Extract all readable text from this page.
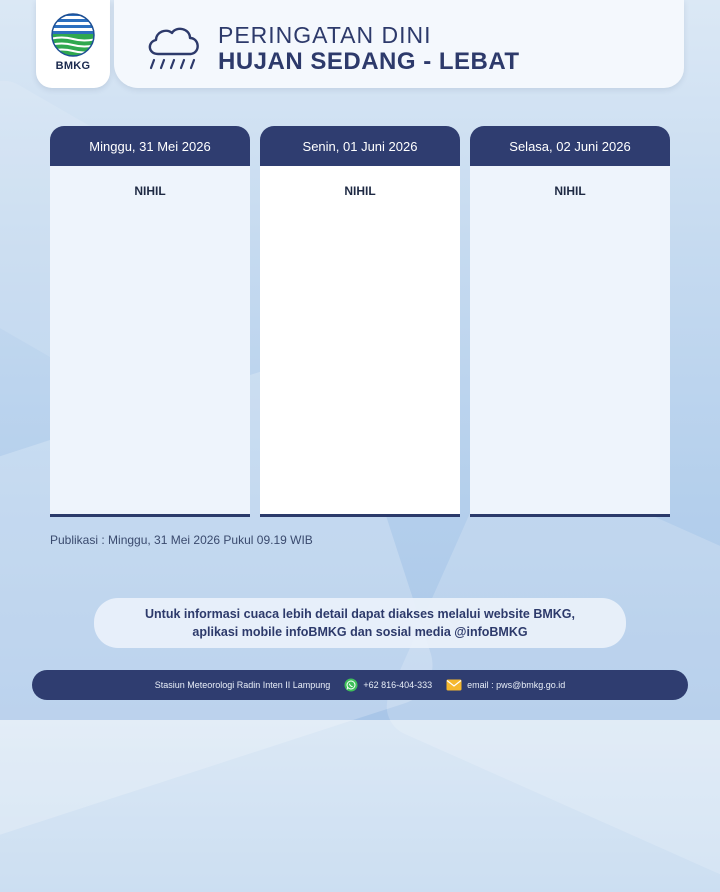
BMKG
PERINGATAN DINI
HUJAN SEDANG - LEBAT
Minggu, 31 Mei 2026
NIHIL
Senin, 01 Juni 2026
NIHIL
Selasa, 02 Juni 2026
NIHIL
Publikasi : Minggu, 31 Mei 2026 Pukul 09.19 WIB
Untuk informasi cuaca lebih detail dapat diakses melalui website BMKG,
aplikasi mobile infoBMKG dan sosial media @infoBMKG
Stasiun Meteorologi Radin Inten II Lampung	+62 816-404-333	email : pws@bmkg.go.id
